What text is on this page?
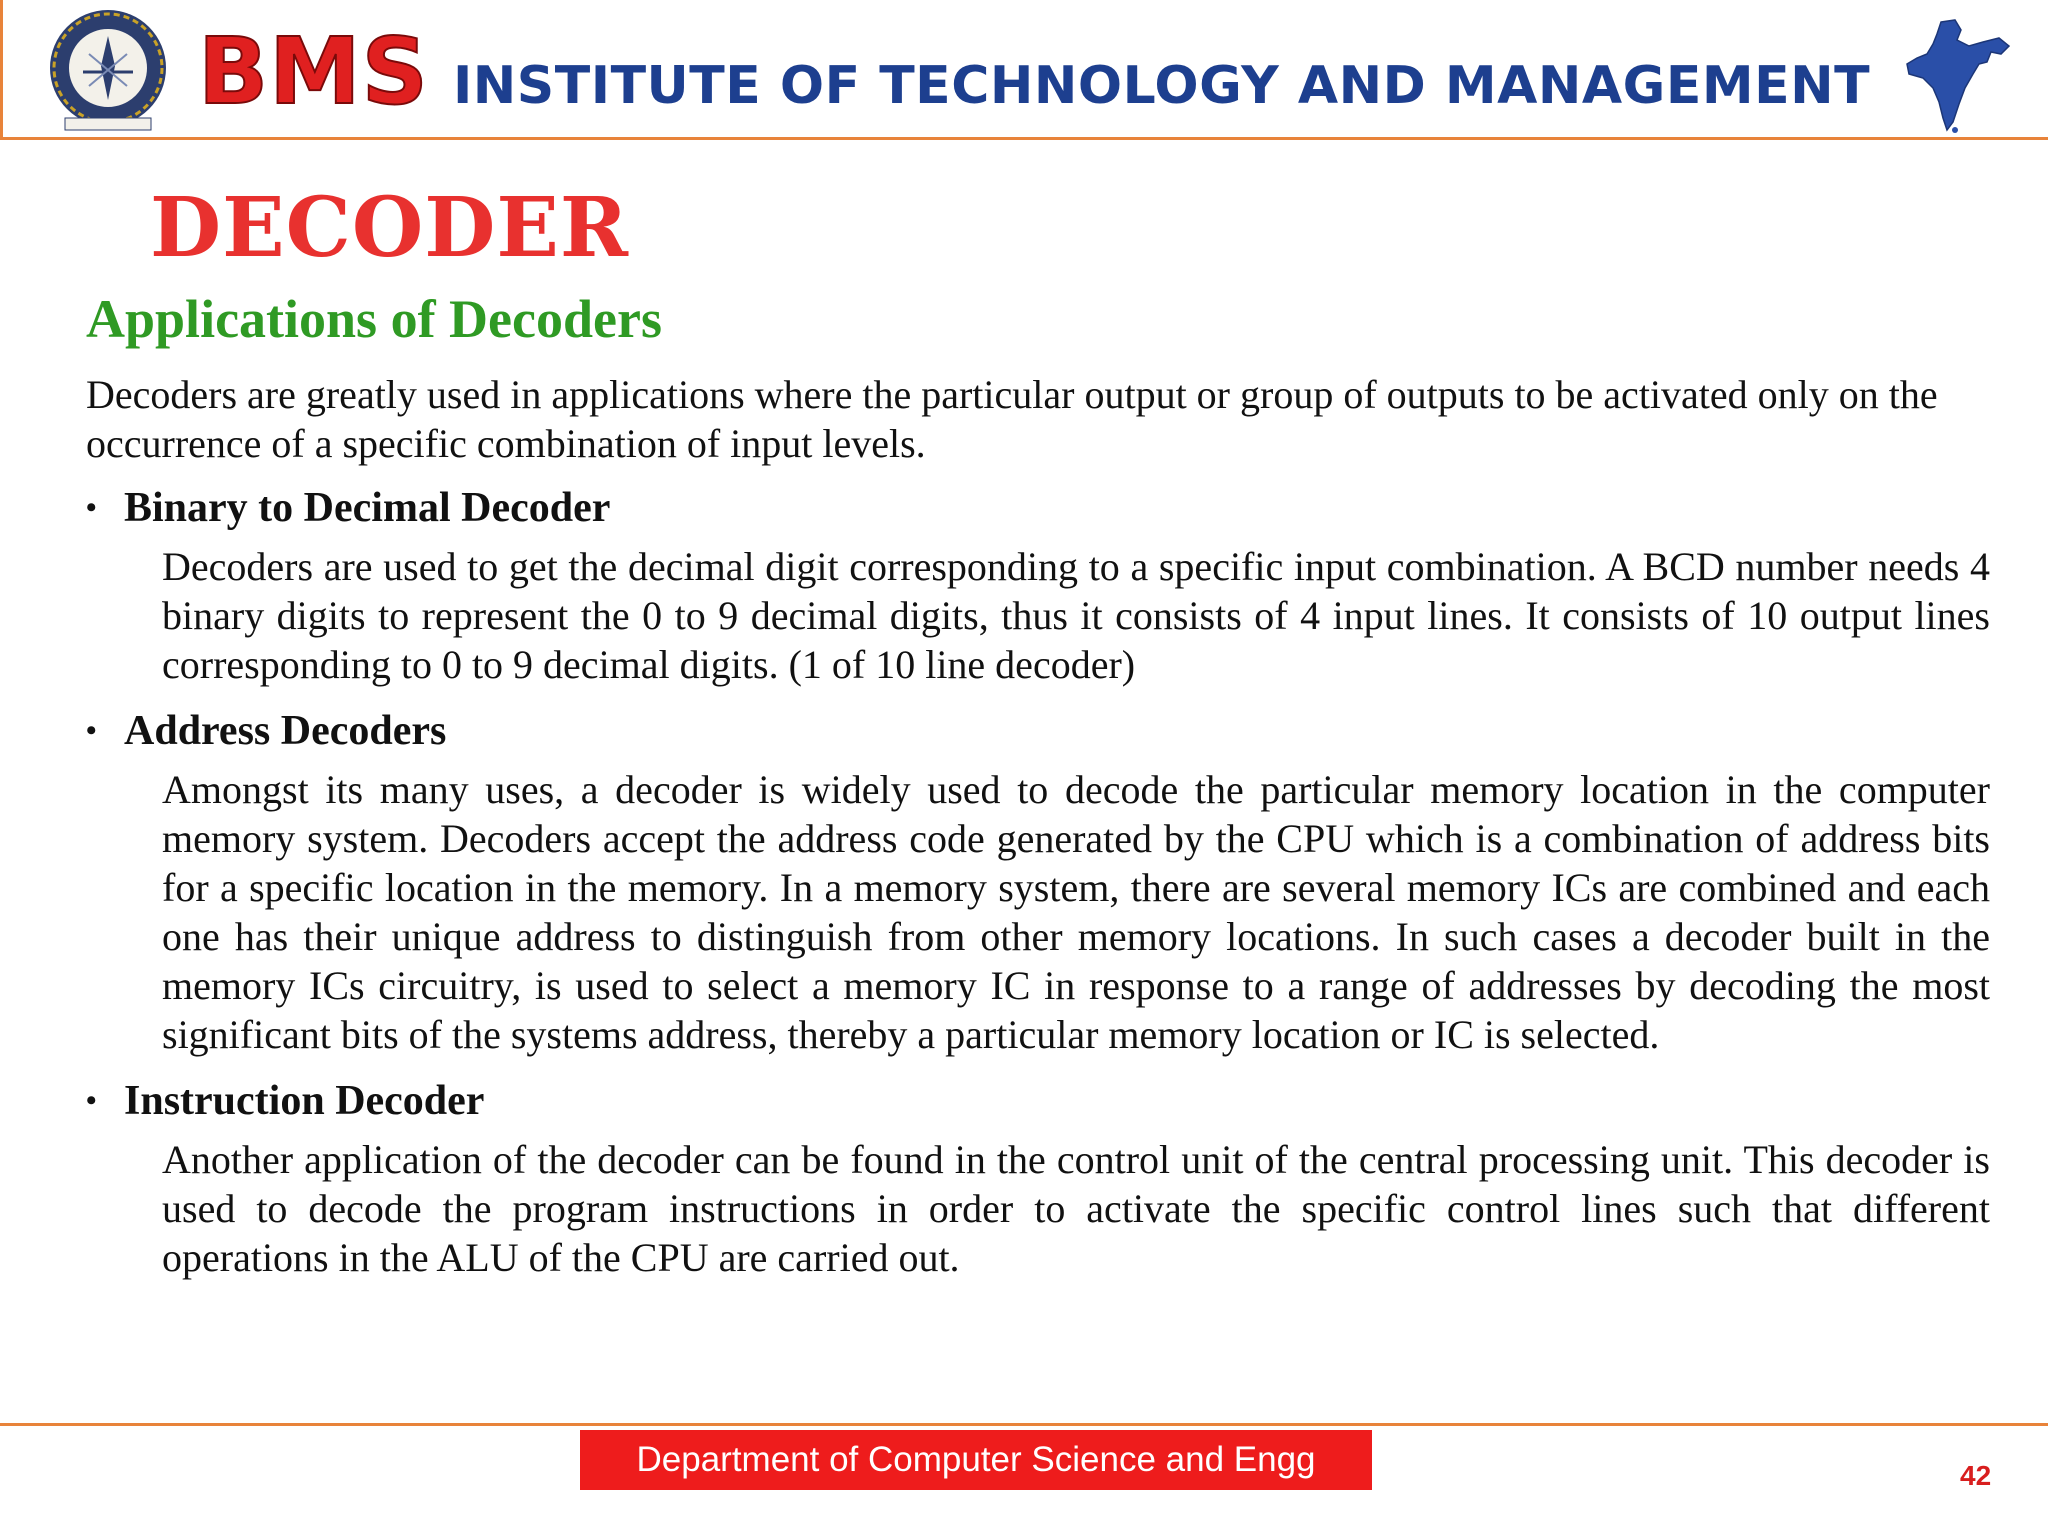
BMS INSTITUTE OF TECHNOLOGY AND MANAGEMENT
DECODER
Applications of Decoders

Decoders are greatly used in applications where the particular output or group of outputs to be activated only on the occurrence of a specific combination of input levels.

• Binary to Decimal Decoder
Decoders are used to get the decimal digit corresponding to a specific input combination. A BCD number needs 4 binary digits to represent the 0 to 9 decimal digits, thus it consists of 4 input lines. It consists of 10 output lines corresponding to 0 to 9 decimal digits. (1 of 10 line decoder)
• Address Decoders
Amongst its many uses, a decoder is widely used to decode the particular memory location in the computer memory system. Decoders accept the address code generated by the CPU which is a combination of address bits for a specific location in the memory. In a memory system, there are several memory ICs are combined and each one has their unique address to distinguish from other memory locations. In such cases a decoder built in the memory ICs circuitry, is used to select a memory IC in response to a range of addresses by decoding the most significant bits of the systems address, thereby a particular memory location or IC is selected.
• Instruction Decoder
Another application of the decoder can be found in the control unit of the central processing unit. This decoder is used to decode the program instructions in order to activate the specific control lines such that different operations in the ALU of the CPU are carried out.
Department of Computer Science and Engg	42
